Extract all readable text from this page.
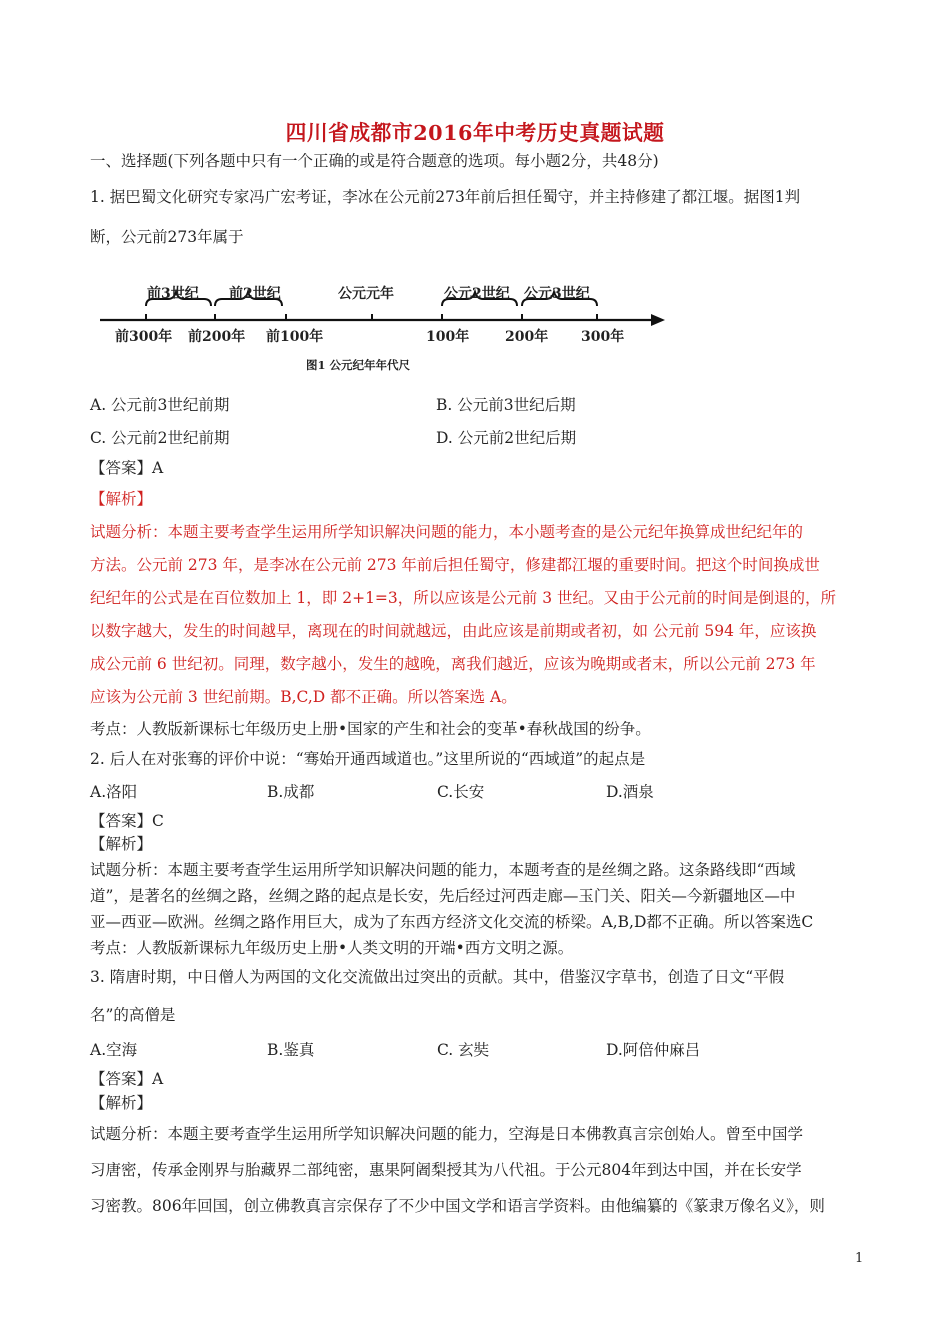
四川省成都市2016年中考历史真题试题
一、选择题(下列各题中只有一个正确的或是符合题意的选项。每小题2分，共48分)
1. 据巴蜀文化研究专家冯广宏考证，李冰在公元前273年前后担任蜀守，并主持修建了都江堰。据图1判
断，公元前273年属于
前3世纪 前2世纪	公元元年	公元2世纪 公元3世纪
前300年 前200年 前100年	100年	200年 300年
图1 公元纪年年代尺
A. 公元前3世纪前期	B. 公元前3世纪后期
C. 公元前2世纪前期	D. 公元前2世纪后期
【答案】A
【解析】
试题分析：本题主要考查学生运用所学知识解决问题的能力，本小题考查的是公元纪年换算成世纪纪年的
方法。公元前 273 年，是李冰在公元前 273 年前后担任蜀守，修建都江堰的重要时间。把这个时间换成世
纪纪年的公式是在百位数加上 1，即 2+1=3，所以应该是公元前 3 世纪。又由于公元前的时间是倒退的，所
以数字越大，发生的时间越早，离现在的时间就越远，由此应该是前期或者初，如 公元前 594 年，应该换
成公元前 6 世纪初。同理，数字越小，发生的越晚，离我们越近，应该为晚期或者末，所以公元前 273 年
应该为公元前 3 世纪前期。B,C,D 都不正确。所以答案选 A。
考点：人教版新课标七年级历史上册•国家的产生和社会的变革•春秋战国的纷争。
2. 后人在对张骞的评价中说：“骞始开通西域道也。”这里所说的“西域道”的起点是
A.洛阳	B.成都	C.长安	D.酒泉
【答案】C
【解析】
试题分析：本题主要考查学生运用所学知识解决问题的能力，本题考查的是丝绸之路。这条路线即“西域
道”，是著名的丝绸之路，丝绸之路的起点是长安，先后经过河西走廊—玉门关、阳关—今新疆地区—中
亚—西亚—欧洲。丝绸之路作用巨大，成为了东西方经济文化交流的桥梁。A,B,D都不正确。所以答案选C
考点：人教版新课标九年级历史上册•人类文明的开端•西方文明之源。
3. 隋唐时期，中日僧人为两国的文化交流做出过突出的贡献。其中，借鉴汉字草书，创造了日文“平假
名”的高僧是
A.空海	B.鉴真	C. 玄奘	D.阿倍仲麻吕
【答案】A
【解析】
试题分析：本题主要考查学生运用所学知识解决问题的能力，空海是日本佛教真言宗创始人。曾至中国学
习唐密，传承金刚界与胎藏界二部纯密，惠果阿阇梨授其为八代祖。于公元804年到达中国，并在长安学
习密教。806年回国，创立佛教真言宗保存了不少中国文学和语言学资料。由他编纂的《篆隶万像名义》，则
1
